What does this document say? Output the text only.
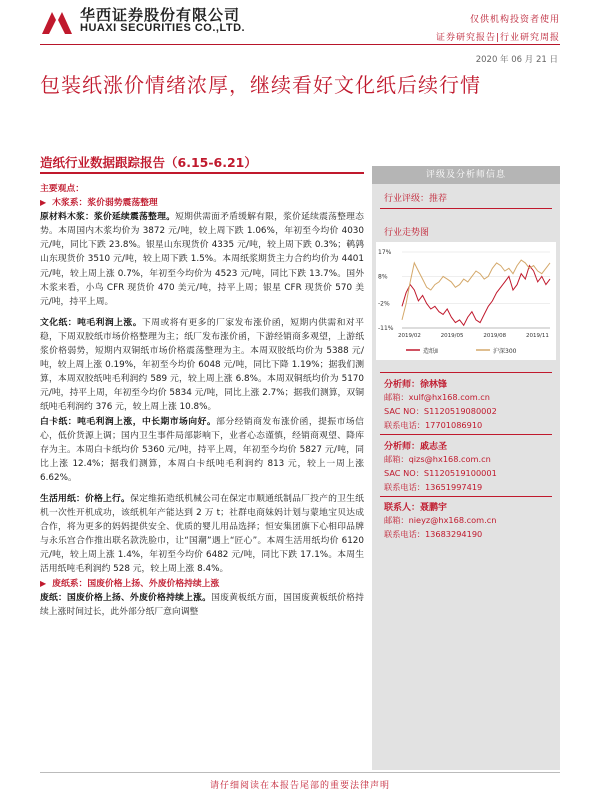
华西证券股份有限公司
HUAXI SECURITIES CO.,LTD.
仅供机构投资者使用
证券研究报告|行业研究周报
2020 年 06 月 21 日
包装纸涨价情绪浓厚，继续看好文化纸后续行情
造纸行业数据跟踪报告（6.15-6.21）

主要观点：

▶ 木浆系：浆价弱势震荡整理

原材料木浆：浆价延续震荡整理。短期供需面矛盾缓解有限，浆价延续震荡整理态势。本周国内木浆均价为 3872 元/吨，较上周下跌 1.06%，年初至今均价 4030 元/吨，同比下跌 23.8%。银星山东现货价 4335 元/吨，较上周下跌 0.3%；鹌鹑山东现货价 3510 元/吨，较上周下跌 1.5%。本周纸浆期货主力合约均价为 4401 元/吨，较上周上涨 0.7%，年初至今均价为 4523 元/吨，同比下跌 13.7%。国外木浆来看，小鸟 CFR 现货价 470 美元/吨，持平上周；银星 CFR 现货价 570 美元/吨，持平上周。

文化纸：吨毛利润上涨。下周或将有更多的厂家发布涨价函，短期内供需和对平稳，下周双胶纸市场价格整理为主；纸厂发布涨价函，下游经销商多观望，上游纸浆价格弱势，短期内双铜纸市场价格震荡整理为主。本周双胶纸均价为 5388 元/吨，较上周上涨 0.19%，年初至今均价 6048 元/吨，同比下降 1.19%；据我们测算，本周双胶纸吨毛利润约 589 元，较上周上涨 6.8%。本周双铜纸均价为 5170 元/吨，持平上周，年初至今均价 5834 元/吨，同比上涨 2.7%；据我们测算，双铜纸吨毛利润约 376 元，较上周上涨 10.8%。

白卡纸：吨毛利润上涨，中长期市场向好。部分经销商发布涨价函，提振市场信心，低价货源上调；国内卫生事件局部影响下，业者心态谨慎，经销商观望、降库存为主。本周白卡纸均价 5360 元/吨，持平上周，年初至今均价 5827 元/吨，同比上涨 12.4%；据我们测算，本周白卡纸吨毛利润约 813 元，较上一周上涨 6.62%。

生活用纸：价格上行。保定维拓造纸机械公司在保定市顺通纸制品厂投产的卫生纸机一次性开机成功，该纸机年产能达到 2 万 t；社群电商妹妈计划与蒙地宝贝达成合作，将为更多的妈妈提供安全、优质的婴儿用品选择；恒安集团旗下心相印品牌与永乐宫合作推出联名款洗脸巾，让“国潮”遇上“匠心”。本周生活用纸均价 6120 元/吨，较上周上涨 1.4%，年初至今均价 6482 元/吨，同比下跌 17.1%。本周生活用纸吨毛利润约 528 元，较上周上涨 8.4%。

▶ 废纸系：国废价格上扬、外废价格持续上涨

废纸：国废价格上扬、外废价格持续上涨。国废黄板纸方面，国国废黄板纸价格持续上涨时间过长，此外部分纸厂意向调整

评级及分析师信息
行业评级：推荐
行业走势图
17%
8%
-2%
-11%
2019/02	2019/05	2019/08	2019/11
造纸Ⅱ	沪深300
分析师：徐林锋
邮箱：xulf@hx168.com.cn
SAC NO：S1120519080002
联系电话：17701086910
分析师：戚志圣
邮箱：qizs@hx168.com.cn
SAC NO：S1120519100001
联系电话：13651997419
联系人：聂鹏宇
邮箱：nieyz@hx168.com.cn
联系电话：13683294190
请仔细阅读在本报告尾部的重要法律声明
